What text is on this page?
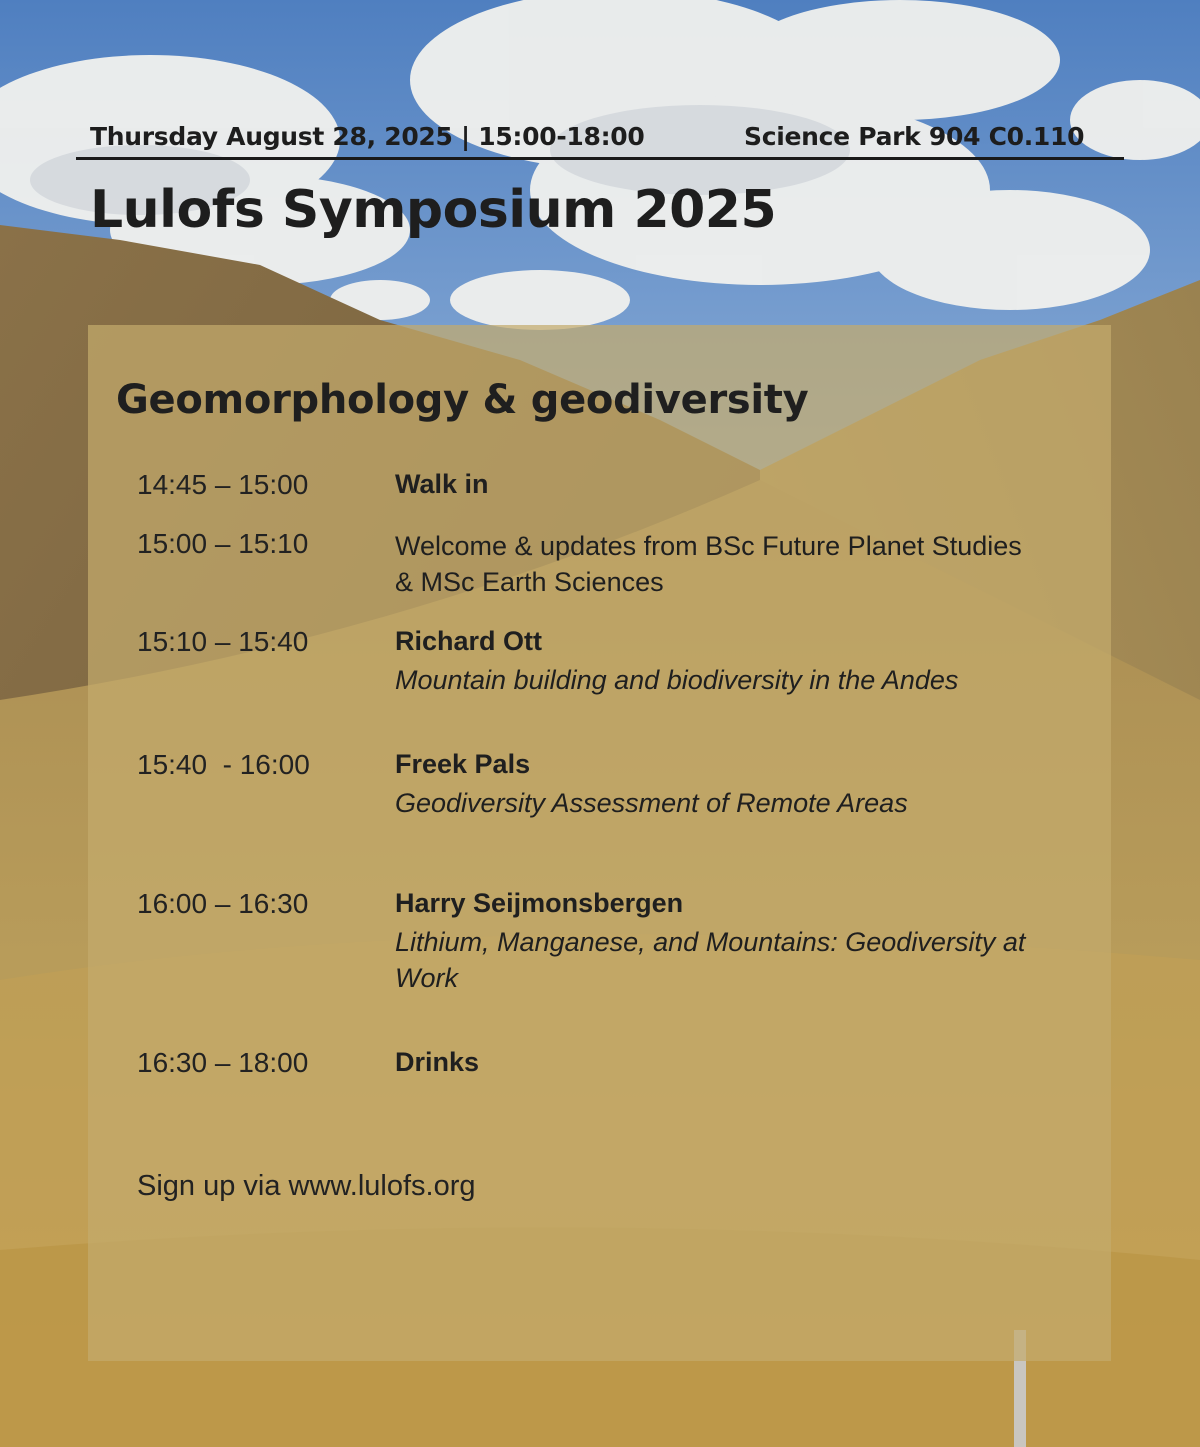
Thursday August 28, 2025 | 15:00-18:00	Science Park 904 C0.110
Lulofs Symposium 2025
Geomorphology & geodiversity
14:45 – 15:00	Walk in
15:00 – 15:10	Welcome & updates from BSc Future Planet Studies & MSc Earth Sciences
15:10 – 15:40	Richard Ott
Mountain building and biodiversity in the Andes
15:40  - 16:00	Freek Pals
Geodiversity Assessment of Remote Areas
16:00 – 16:30	Harry Seijmonsbergen
Lithium, Manganese, and Mountains: Geodiversity at Work
16:30 – 18:00	Drinks
Sign up via www.lulofs.org
